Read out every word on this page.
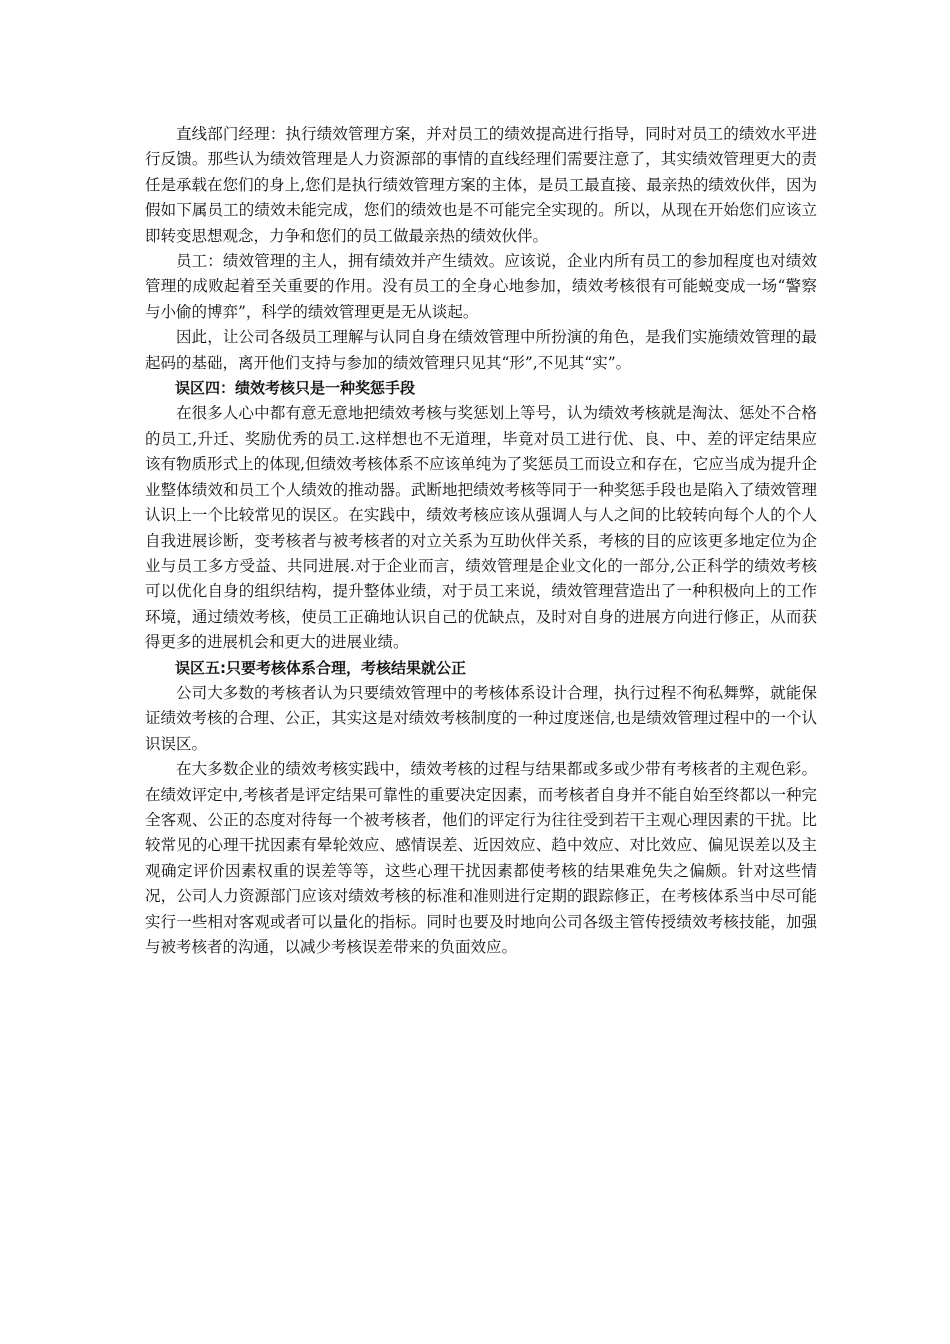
直线部门经理：执行绩效管理方案，并对员工的绩效提高进行指导，同时对员工的绩效水平进行反馈。那些认为绩效管理是人力资源部的事情的直线经理们需要注意了，其实绩效管理更大的责任是承载在您们的身上,您们是执行绩效管理方案的主体，是员工最直接、最亲热的绩效伙伴，因为假如下属员工的绩效未能完成，您们的绩效也是不可能完全实现的。所以，从现在开始您们应该立即转变思想观念，力争和您们的员工做最亲热的绩效伙伴。

员工：绩效管理的主人，拥有绩效并产生绩效。应该说，企业内所有员工的参加程度也对绩效管理的成败起着至关重要的作用。没有员工的全身心地参加，绩效考核很有可能蜕变成一场“警察与小偷的博弈”，科学的绩效管理更是无从谈起。

因此，让公司各级员工理解与认同自身在绩效管理中所扮演的角色，是我们实施绩效管理的最起码的基础，离开他们支持与参加的绩效管理只见其“形”,不见其“实”。

误区四：绩效考核只是一种奖惩手段

在很多人心中都有意无意地把绩效考核与奖惩划上等号，认为绩效考核就是淘汰、惩处不合格的员工,升迁、奖励优秀的员工.这样想也不无道理，毕竟对员工进行优、良、中、差的评定结果应该有物质形式上的体现,但绩效考核体系不应该单纯为了奖惩员工而设立和存在，它应当成为提升企业整体绩效和员工个人绩效的推动器。武断地把绩效考核等同于一种奖惩手段也是陷入了绩效管理认识上一个比较常见的误区。在实践中，绩效考核应该从强调人与人之间的比较转向每个人的个人自我进展诊断，变考核者与被考核者的对立关系为互助伙伴关系，考核的目的应该更多地定位为企业与员工多方受益、共同进展.对于企业而言，绩效管理是企业文化的一部分,公正科学的绩效考核可以优化自身的组织结构，提升整体业绩，对于员工来说，绩效管理营造出了一种积极向上的工作环境，通过绩效考核，使员工正确地认识自己的优缺点，及时对自身的进展方向进行修正，从而获得更多的进展机会和更大的进展业绩。

误区五:只要考核体系合理，考核结果就公正

公司大多数的考核者认为只要绩效管理中的考核体系设计合理，执行过程不徇私舞弊，就能保证绩效考核的合理、公正，其实这是对绩效考核制度的一种过度迷信,也是绩效管理过程中的一个认识误区。

在大多数企业的绩效考核实践中，绩效考核的过程与结果都或多或少带有考核者的主观色彩。在绩效评定中,考核者是评定结果可靠性的重要决定因素，而考核者自身并不能自始至终都以一种完全客观、公正的态度对待每一个被考核者，他们的评定行为往往受到若干主观心理因素的干扰。比较常见的心理干扰因素有晕轮效应、感情误差、近因效应、趋中效应、对比效应、偏见误差以及主观确定评价因素权重的误差等等，这些心理干扰因素都使考核的结果难免失之偏颇。针对这些情况，公司人力资源部门应该对绩效考核的标准和准则进行定期的跟踪修正，在考核体系当中尽可能实行一些相对客观或者可以量化的指标。同时也要及时地向公司各级主管传授绩效考核技能，加强与被考核者的沟通，以减少考核误差带来的负面效应。
